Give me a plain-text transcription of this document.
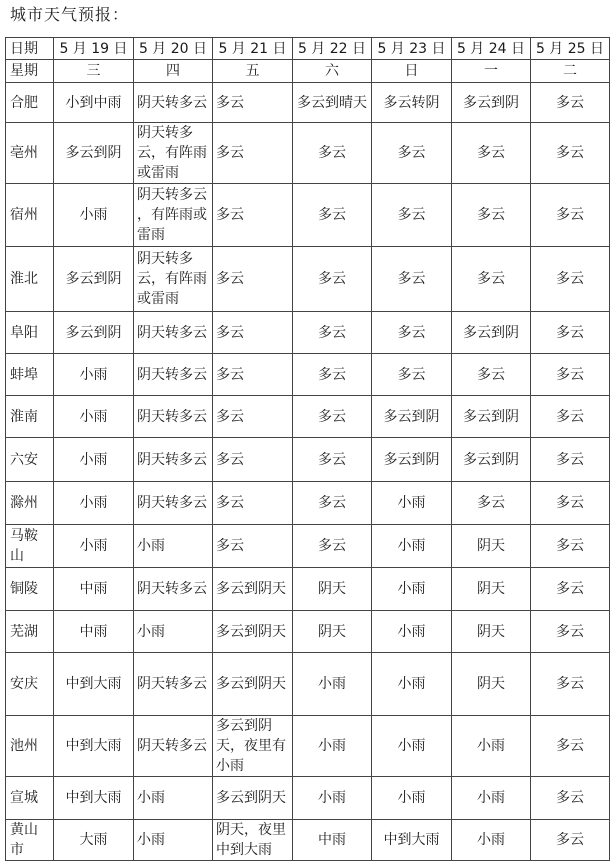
城市天气预报：
日期	5 月 19 日	5 月 20 日	5 月 21 日	5 月 22 日	5 月 23 日	5 月 24 日	5 月 25 日
星期	三	四	五	六	日	一	二
合肥	小到中雨	阴天转多云	多云	多云到晴天	多云转阴	多云到阴	多云
亳州	多云到阴	阴天转多云，有阵雨或雷雨	多云	多云	多云	多云	多云
宿州	小雨	阴天转多云 ，有阵雨或雷雨	多云	多云	多云	多云	多云
淮北	多云到阴	阴天转多云，有阵雨或雷雨	多云	多云	多云	多云	多云
阜阳	多云到阴	阴天转多云	多云	多云	多云	多云到阴	多云
蚌埠	小雨	阴天转多云	多云	多云	多云	多云	多云
淮南	小雨	阴天转多云	多云	多云	多云到阴	多云到阴	多云
六安	小雨	阴天转多云	多云	多云	多云到阴	多云到阴	多云
滁州	小雨	阴天转多云	多云	多云	小雨	多云	多云
马鞍山	小雨	小雨	多云	多云	小雨	阴天	多云
铜陵	中雨	阴天转多云	多云到阴天	阴天	小雨	阴天	多云
芜湖	中雨	小雨	多云到阴天	阴天	小雨	阴天	多云
安庆	中到大雨	阴天转多云	多云到阴天	小雨	小雨	阴天	多云
池州	中到大雨	阴天转多云	多云到阴天，夜里有小雨	小雨	小雨	小雨	多云
宣城	中到大雨	小雨	多云到阴天	小雨	小雨	小雨	多云
黄山市	大雨	小雨	阴天，夜里中到大雨	中雨	中到大雨	小雨	多云
